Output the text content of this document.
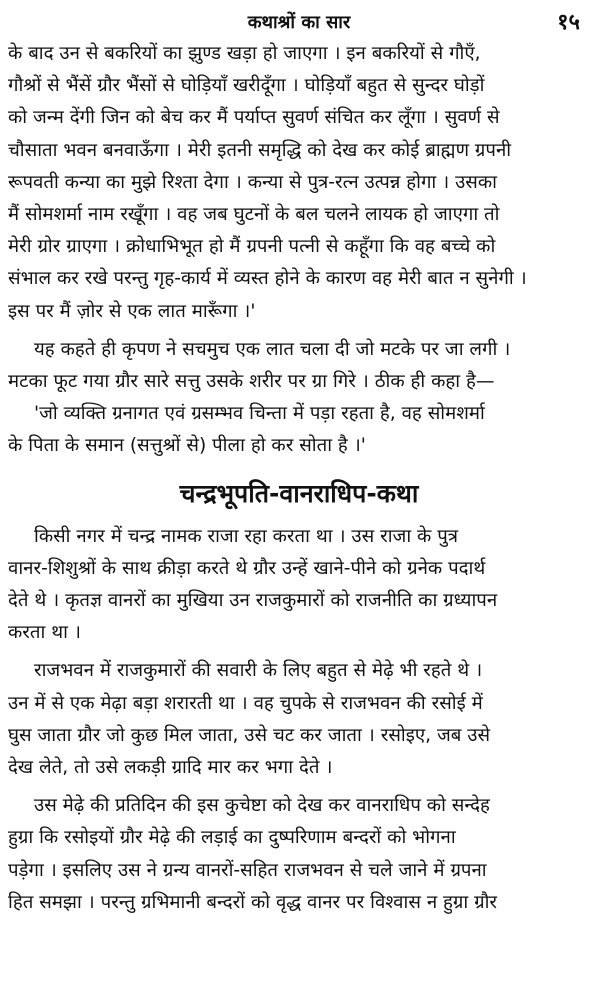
कथाश्रों का सार	१५

के बाद उन से बकरियों का झुण्ड खड़ा हो जाएगा । इन बकरियों से गौएँ,
गौश्रों से भैंसें ग्रौर भैंसों से घोड़ियाँ खरीदूँगा । घोड़ियाँ बहुत से सुन्दर घोड़ों
को जन्म देंगी जिन को बेच कर मैं पर्याप्त सुवर्ण संचित कर लूँगा । सुवर्ण से
चौसाता भवन बनवाऊँगा । मेरी इतनी समृद्धि को देख कर कोई ब्राह्मण ग्रपनी
रूपवती कन्या का मुझे रिश्ता देगा । कन्या से पुत्र-रत्न उत्पन्न होगा । उसका
मैं सोमशर्मा नाम रखूँगा । वह जब घुटनों के बल चलने लायक हो जाएगा तो
मेरी ग्रोर ग्राएगा । क्रोधाभिभूत हो मैं ग्रपनी पत्नी से कहूँगा कि वह बच्चे को
संभाल कर रखे परन्तु गृह-कार्य में व्यस्त होने के कारण वह मेरी बात न सुनेगी ।
इस पर मैं ज़ोर से एक लात मारूँगा ।'

यह कहते ही कृपण ने सचमुच एक लात चला दी जो मटके पर जा लगी ।
मटका फूट गया ग्रौर सारे सत्तु उसके शरीर पर ग्रा गिरे । ठीक ही कहा है—

'जो व्यक्ति ग्रनागत एवं ग्रसम्भव चिन्ता में पड़ा रहता है, वह सोमशर्मा
के पिता के समान (सत्तुश्रों से) पीला हो कर सोता है ।'

चन्द्रभूपति-वानराधिप-कथा

किसी नगर में चन्द्र नामक राजा रहा करता था । उस राजा के पुत्र
वानर-शिशुश्रों के साथ क्रीड़ा करते थे ग्रौर उन्हें खाने-पीने को ग्रनेक पदार्थ
देते थे । कृतज्ञ वानरों का मुखिया उन राजकुमारों को राजनीति का ग्रध्यापन
करता था ।

राजभवन में राजकुमारों की सवारी के लिए बहुत से मेढ़े भी रहते थे ।
उन में से एक मेढ़ा बड़ा शरारती था । वह चुपके से राजभवन की रसोई में
घुस जाता ग्रौर जो कुछ मिल जाता, उसे चट कर जाता । रसोइए, जब उसे
देख लेते, तो उसे लकड़ी ग्रादि मार कर भगा देते ।

उस मेढ़े की प्रतिदिन की इस कुचेष्टा को देख कर वानराधिप को सन्देह
हुग्रा कि रसोइयों ग्रौर मेढ़े की लड़ाई का दुष्परिणाम बन्दरों को भोगना
पड़ेगा । इसलिए उस ने ग्रन्य वानरों-सहित राजभवन से चले जाने में ग्रपना
हित समझा । परन्तु ग्रभिमानी बन्दरों को वृद्ध वानर पर विश्वास न हुग्रा ग्रौर
